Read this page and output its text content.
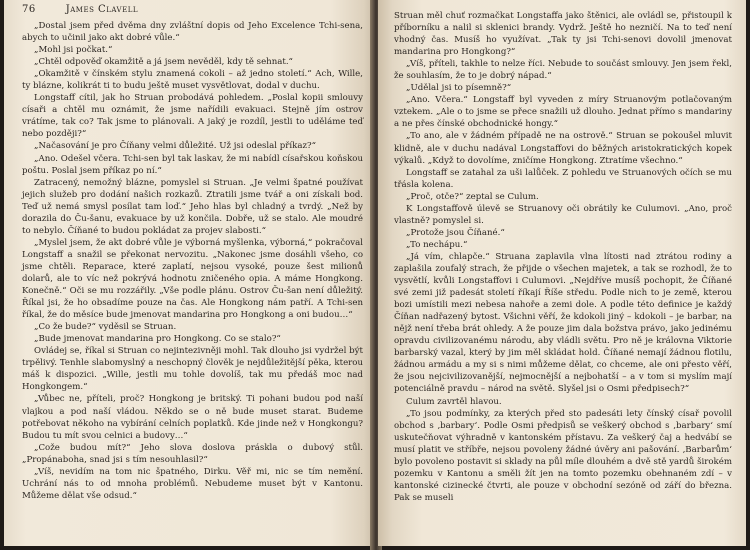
76	James Clavell

„Dostal jsem před dvěma dny zvláštní dopis od Jeho Excelence Tchi-sena, abych to učinil jako akt dobré vůle.“

„Mohl jsi počkat.“

„Chtěl odpověď okamžitě a já jsem nevěděl, kdy tě sehnat.“

„Okamžitě v čínském stylu znamená cokoli – až jedno století.“ Ach, Wille, ty blázne, kolikrát ti to budu ještě muset vysvětlovat, dodal v duchu.

Longstaff cítil, jak ho Struan probodává pohledem. „Poslal kopii smlouvy císaři a chtěl mu oznámit, že jsme nařídili evakuaci. Stejně jím ostrov vrátíme, tak co? Tak jsme to plánovali. A jaký je rozdíl, jestli to uděláme teď nebo později?“

„Načasování je pro Číňany velmi důležité. Už jsi odeslal příkaz?“

„Ano. Odešel včera. Tchi-sen byl tak laskav, že mi nabídl císařskou koňskou poštu. Poslal jsem příkaz po ní.“

Zatracený, nemožný blázne, pomyslel si Struan. „Je velmi špatné používat jejich služeb pro dodání našich rozkazů. Ztratili jsme tvář a oni získali bod. Teď už nemá smysl posílat tam loď.“ Jeho hlas byl chladný a tvrdý. „Než by dorazila do Ču-šanu, evakuace by už končila. Dobře, už se stalo. Ale moudré to nebylo. Číňané to budou pokládat za projev slabosti.“

„Myslel jsem, že akt dobré vůle je výborná myšlenka, výborná,“ pokračoval Longstaff a snažil se překonat nervozitu. „Nakonec jsme dosáhli všeho, co jsme chtěli. Reparace, které zaplatí, nejsou vysoké, pouze šest milionů dolarů, ale to víc než pokrývá hodnotu zničeného opia. A máme Hongkong. Konečně.“ Oči se mu rozzářily. „Vše podle plánu. Ostrov Ču-šan není důležitý. Říkal jsi, že ho obsadíme pouze na čas. Ale Hongkong nám patří. A Tchi-sen říkal, že do měsíce bude jmenovat mandarina pro Hongkong a oni budou…“

„Co že bude?“ vyděsil se Struan.

„Bude jmenovat mandarina pro Hongkong. Co se stalo?“

Ovládej se, říkal si Struan co nejintezivněji mohl. Tak dlouho jsi vydržel být trpělivý. Tenhle slabomyslný a neschopný člověk je nejdůležitější pěka, kterou máš k dispozici. „Wille, jestli mu tohle dovolíš, tak mu předáš moc nad Hongkongem.“

„Vůbec ne, příteli, proč? Hongkong je britský. Ti pohani budou pod naší vlajkou a pod naší vládou. Někdo se o ně bude muset starat. Budeme potřebovat někoho na vybírání celních poplatků. Kde jinde než v Hongkongu? Budou tu mít svou celnici a budovy…“

„Cože budou mít?“ Jeho slova doslova práskla o dubový stůl. „Propánaboha, snad jsi s tím nesouhlasil?“

„Víš, nevidím na tom nic špatného, Dirku. Věř mi, nic se tím nemění. Uchrání nás to od mnoha problémů. Nebudeme muset být v Kantonu. Můžeme dělat vše odsud.“

Struan měl chuť rozmačkat Longstaffa jako štěnici, ale ovládl se, přistoupil k příborníku a nalil si sklenici brandy. Vydrž. Ještě ho nezničí. Na to teď není vhodný čas. Musíš ho využívat. „Tak ty jsi Tchi-senovi dovolil jmenovat mandarina pro Hongkong?“

„Víš, příteli, takhle to nelze říci. Nebude to součást smlouvy. Jen jsem řekl, že souhlasím, že to je dobrý nápad.“

„Udělal jsi to písemně?“

„Ano. Včera.“ Longstaff byl vyveden z míry Struanovým potlačovaným vztekem. „Ale o to jsme se přece snažili už dlouho. Jednat přímo s mandariny a ne přes čínské obchodnické hongy.“

„To ano, ale v žádném případě ne na ostrově.“ Struan se pokoušel mluvit klidně, ale v duchu nadával Longstaffovi do běžných aristokratických kopek výkalů. „Když to dovolíme, zničíme Hongkong. Ztratíme všechno.“

Longstaff se zatahal za uši lalůček. Z pohledu ve Struanových očích se mu třásla kolena.

„Proč, otče?“ zeptal se Culum.

K Longstaffově úlevě se Struanovy oči obrátily ke Culumovi. „Ano, proč vlastně? pomyslel si.

„Protože jsou Číňané.“

„To nechápu.“

„Já vím, chlapče.“ Struana zaplavila vlna lítosti nad ztrátou rodiny a zaplašila zoufalý strach, že přijde o všechen majetek, a tak se rozhodl, že to vysvětlí, kvůli Longstaffovi i Culumovi. „Nejdříve musíš pochopit, že Číňané své zemi již padesát století říkají Říše středu. Podle nich to je země, kterou bozi umístili mezi nebesa nahoře a zemi dole. A podle této definice je každý Číňan nadřazený bytost. Všichni věří, že kdokoli jiný – kdokoli – je barbar, na nějž není třeba brát ohledy. A že pouze jim dala božstva právo, jako jedinému opravdu civilizovanému národu, aby vládli světu. Pro ně je královna Viktorie barbarský vazal, který by jim měl skládat hold. Číňané nemají žádnou flotilu, žádnou armádu a my si s nimi můžeme dělat, co chceme, ale oni přesto věří, že jsou nejcivilizovanější, nejmocnější a nejbohatší – a v tom si myslím mají potenciálně pravdu – národ na světě. Slyšel jsi o Osmi předpisech?“

Culum zavrtěl hlavou.

„To jsou podmínky, za kterých před sto padesáti lety čínský císař povolil obchod s ‚barbary‘. Podle Osmi předpisů se veškerý obchod s ‚barbary‘ smí uskutečňovat výhradně v kantonském přístavu. Za veškerý čaj a hedvábí se musí platit ve stříbře, nejsou povoleny žádné úvěry ani pašování. ‚Barbarům‘ bylo povoleno postavit si sklady na půl míle dlouhém a dvě stě yardů širokém pozemku v Kantonu a směli žít jen na tomto pozemku obehnaném zdí – v kantonské cizinecké čtvrti, ale pouze v obchodní sezóně od září do března. Pak se museli
